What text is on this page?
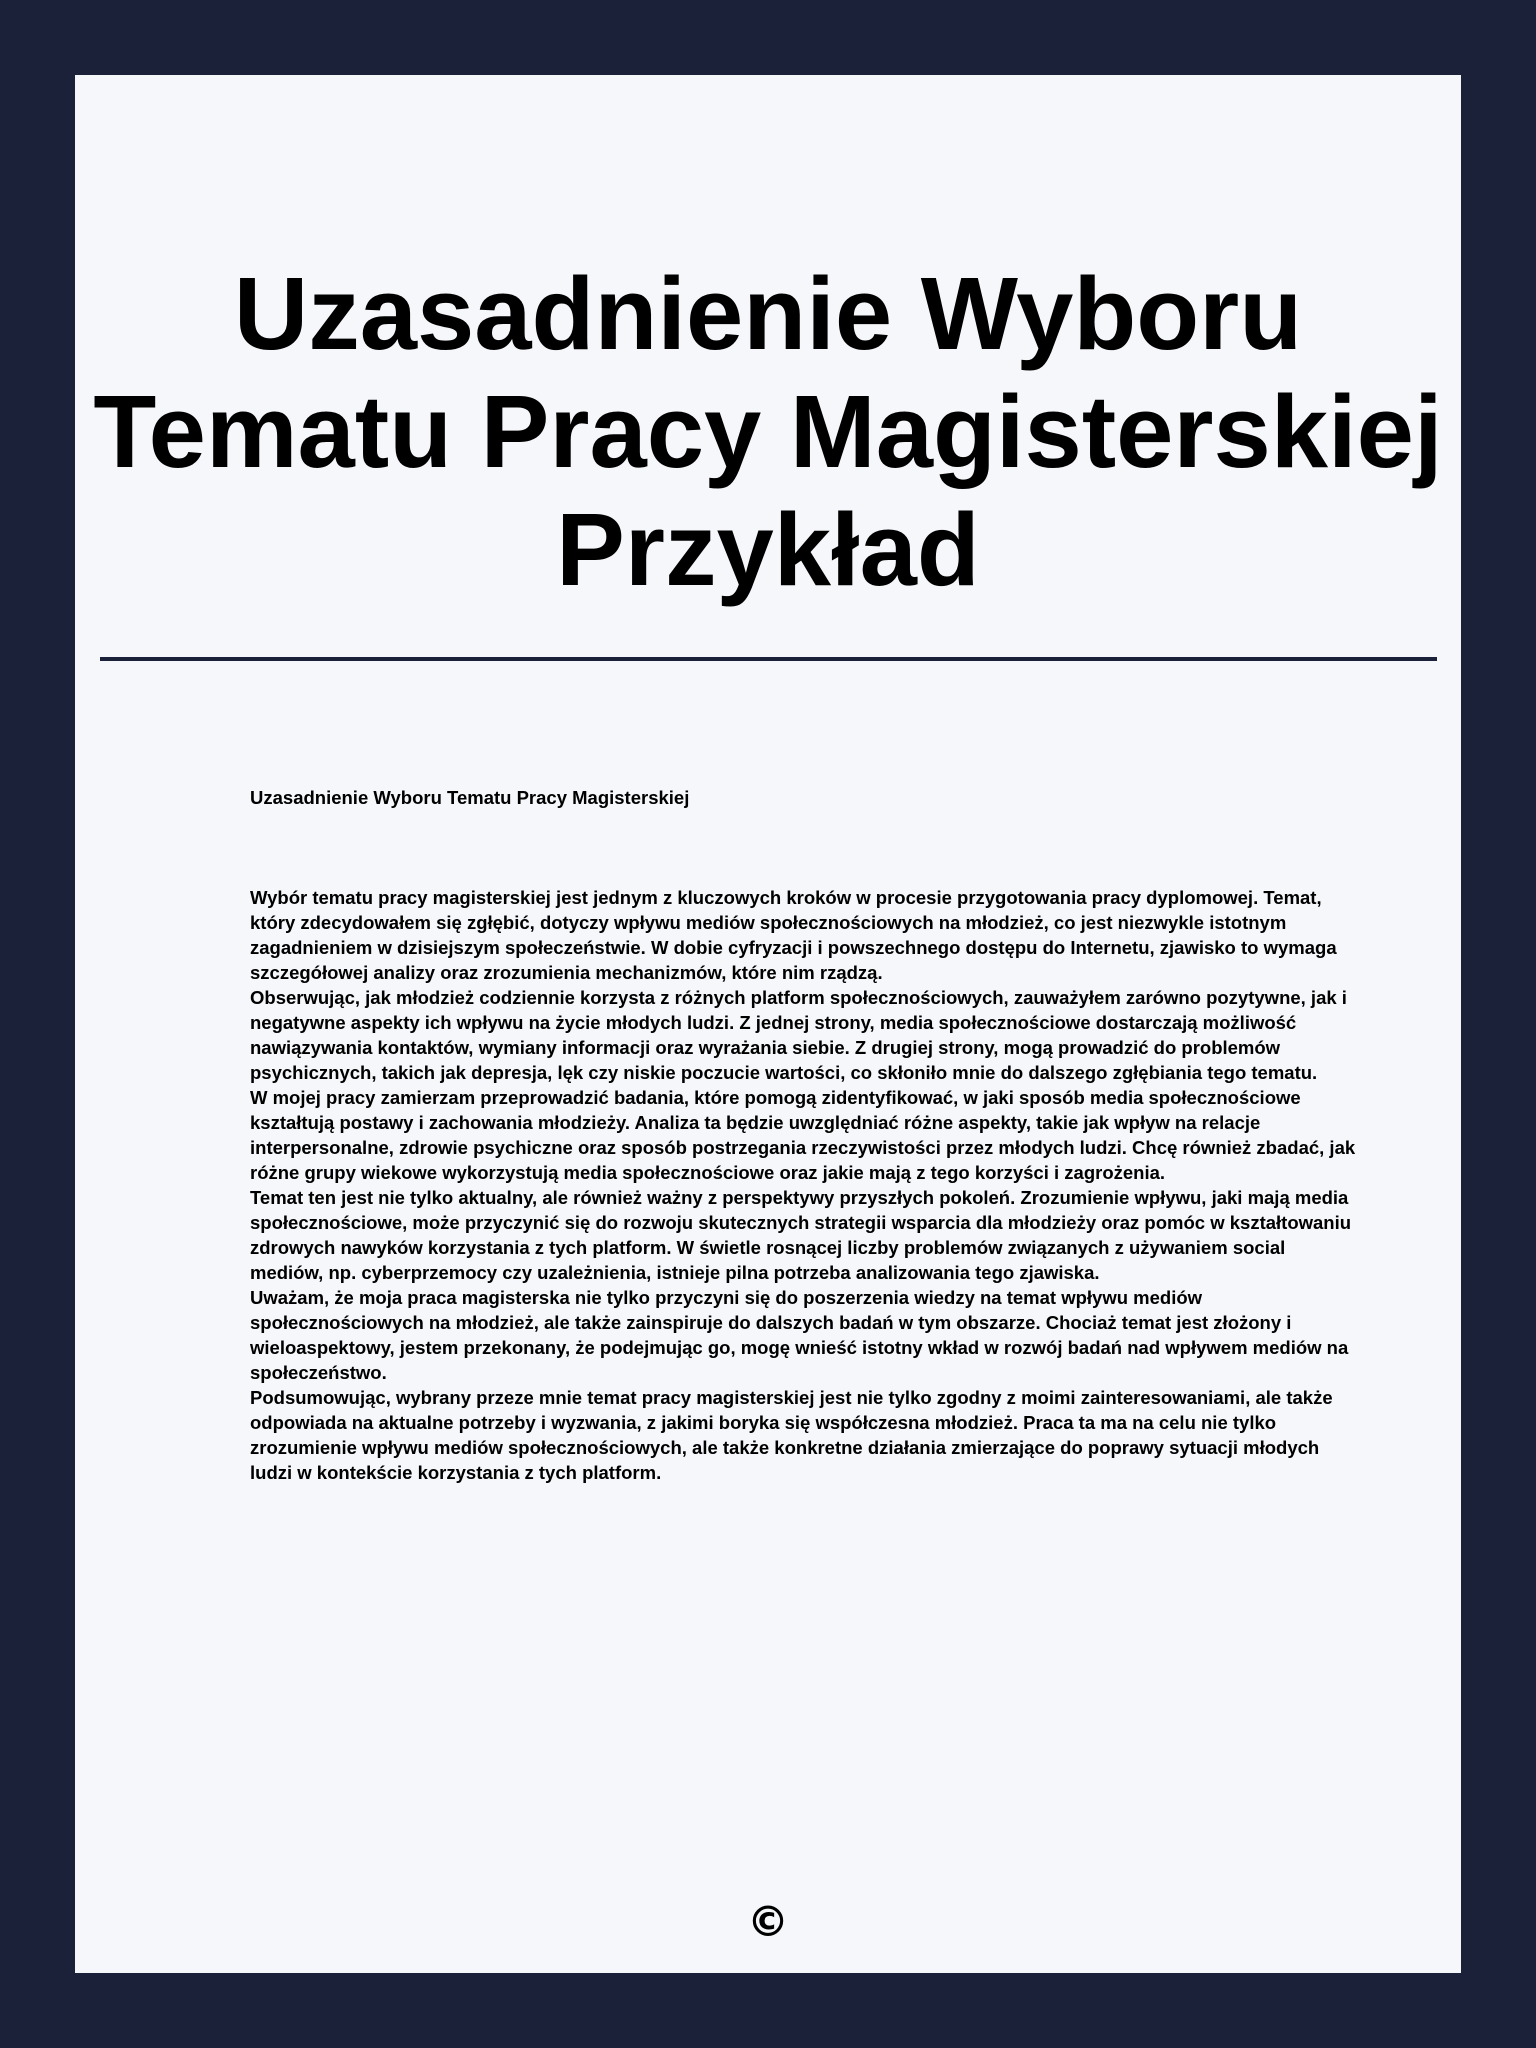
Uzasadnienie Wyboru Tematu Pracy Magisterskiej Przykład

Uzasadnienie Wyboru Tematu Pracy Magisterskiej

Wybór tematu pracy magisterskiej jest jednym z kluczowych kroków w procesie przygotowania pracy dyplomowej. Temat, który zdecydowałem się zgłębić, dotyczy wpływu mediów społecznościowych na młodzież, co jest niezwykle istotnym zagadnieniem w dzisiejszym społeczeństwie. W dobie cyfryzacji i powszechnego dostępu do Internetu, zjawisko to wymaga szczegółowej analizy oraz zrozumienia mechanizmów, które nim rządzą.

Obserwując, jak młodzież codziennie korzysta z różnych platform społecznościowych, zauważyłem zarówno pozytywne, jak i negatywne aspekty ich wpływu na życie młodych ludzi. Z jednej strony, media społecznościowe dostarczają możliwość nawiązywania kontaktów, wymiany informacji oraz wyrażania siebie. Z drugiej strony, mogą prowadzić do problemów psychicznych, takich jak depresja, lęk czy niskie poczucie wartości, co skłoniło mnie do dalszego zgłębiania tego tematu.

W mojej pracy zamierzam przeprowadzić badania, które pomogą zidentyfikować, w jaki sposób media społecznościowe kształtują postawy i zachowania młodzieży. Analiza ta będzie uwzględniać różne aspekty, takie jak wpływ na relacje interpersonalne, zdrowie psychiczne oraz sposób postrzegania rzeczywistości przez młodych ludzi. Chcę również zbadać, jak różne grupy wiekowe wykorzystują media społecznościowe oraz jakie mają z tego korzyści i zagrożenia.

Temat ten jest nie tylko aktualny, ale również ważny z perspektywy przyszłych pokoleń. Zrozumienie wpływu, jaki mają media społecznościowe, może przyczynić się do rozwoju skutecznych strategii wsparcia dla młodzieży oraz pomóc w kształtowaniu zdrowych nawyków korzystania z tych platform. W świetle rosnącej liczby problemów związanych z używaniem social mediów, np. cyberprzemocy czy uzależnienia, istnieje pilna potrzeba analizowania tego zjawiska.

Uważam, że moja praca magisterska nie tylko przyczyni się do poszerzenia wiedzy na temat wpływu mediów społecznościowych na młodzież, ale także zainspiruje do dalszych badań w tym obszarze. Chociaż temat jest złożony i wieloaspektowy, jestem przekonany, że podejmując go, mogę wnieść istotny wkład w rozwój badań nad wpływem mediów na społeczeństwo.

Podsumowując, wybrany przeze mnie temat pracy magisterskiej jest nie tylko zgodny z moimi zainteresowaniami, ale także odpowiada na aktualne potrzeby i wyzwania, z jakimi boryka się współczesna młodzież. Praca ta ma na celu nie tylko zrozumienie wpływu mediów społecznościowych, ale także konkretne działania zmierzające do poprawy sytuacji młodych ludzi w kontekście korzystania z tych platform.

©
